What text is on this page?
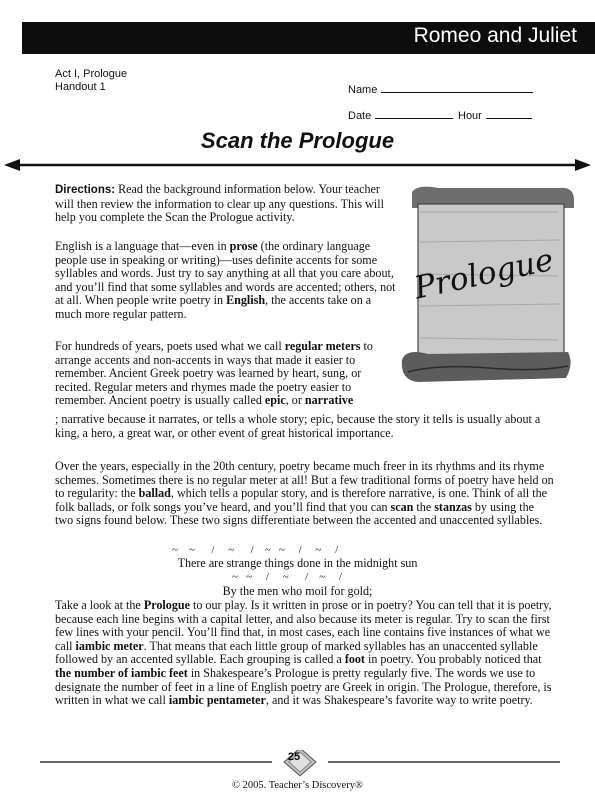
Romeo and Juliet
Act I, Prologue
Handout 1	Name
Date	Hour
Scan the Prologue
Prologue

Directions: Read the background information below. Your teacher will then review the information to clear up any questions. This will help you complete the Scan the Prologue activity.

English is a language that—even in prose (the ordinary language people use in speaking or writing)—uses definite accents for some syllables and words. Just try to say anything at all that you care about, and you’ll find that some syllables and words are accented; others, not at all. When people write poetry in English, the accents take on a much more regular pattern.

For hundreds of years, poets used what we call regular meters to arrange accents and non-accents in ways that made it easier to remember. Ancient Greek poetry was learned by heart, sung, or recited. Regular meters and rhymes made the poetry easier to remember. Ancient poetry is usually called epic, or narrative

; narrative because it narrates, or tells a whole story; epic, because the story it tells is usually about a king, a hero, a great war, or other event of great historical importance.

Over the years, especially in the 20th century, poetry became much freer in its rhythms and its rhyme schemes. Sometimes there is no regular meter at all! But a few traditional forms of poetry have held on to regularity: the ballad, which tells a popular story, and is therefore narrative, is one. Think of all the folk ballads, or folk songs you’ve heard, and you’ll find that you can scan the stanzas by using the two signs found below. These two signs differentiate between the accented and unaccented syllables.

~    ~      /     ~      /    ~   ~     /     ~     /
There are strange things done in the midnight sun
~   ~     /     ~      /    ~     /
By the men who moil for gold;

Take a look at the Prologue to our play. Is it written in prose or in poetry? You can tell that it is poetry, because each line begins with a capital letter, and also because its meter is regular. Try to scan the first few lines with your pencil. You’ll find that, in most cases, each line contains five instances of what we call iambic meter. That means that each little group of marked syllables has an unaccented syllable followed by an accented syllable. Each grouping is called a foot in poetry. You probably noticed that the number of iambic feet in Shakespeare’s Prologue is pretty regularly five. The words we use to designate the number of feet in a line of English poetry are Greek in origin. The Prologue, therefore, is written in what we call iambic pentameter, and it was Shakespeare’s favorite way to write poetry.

25
© 2005. Teacher’s Discovery®
